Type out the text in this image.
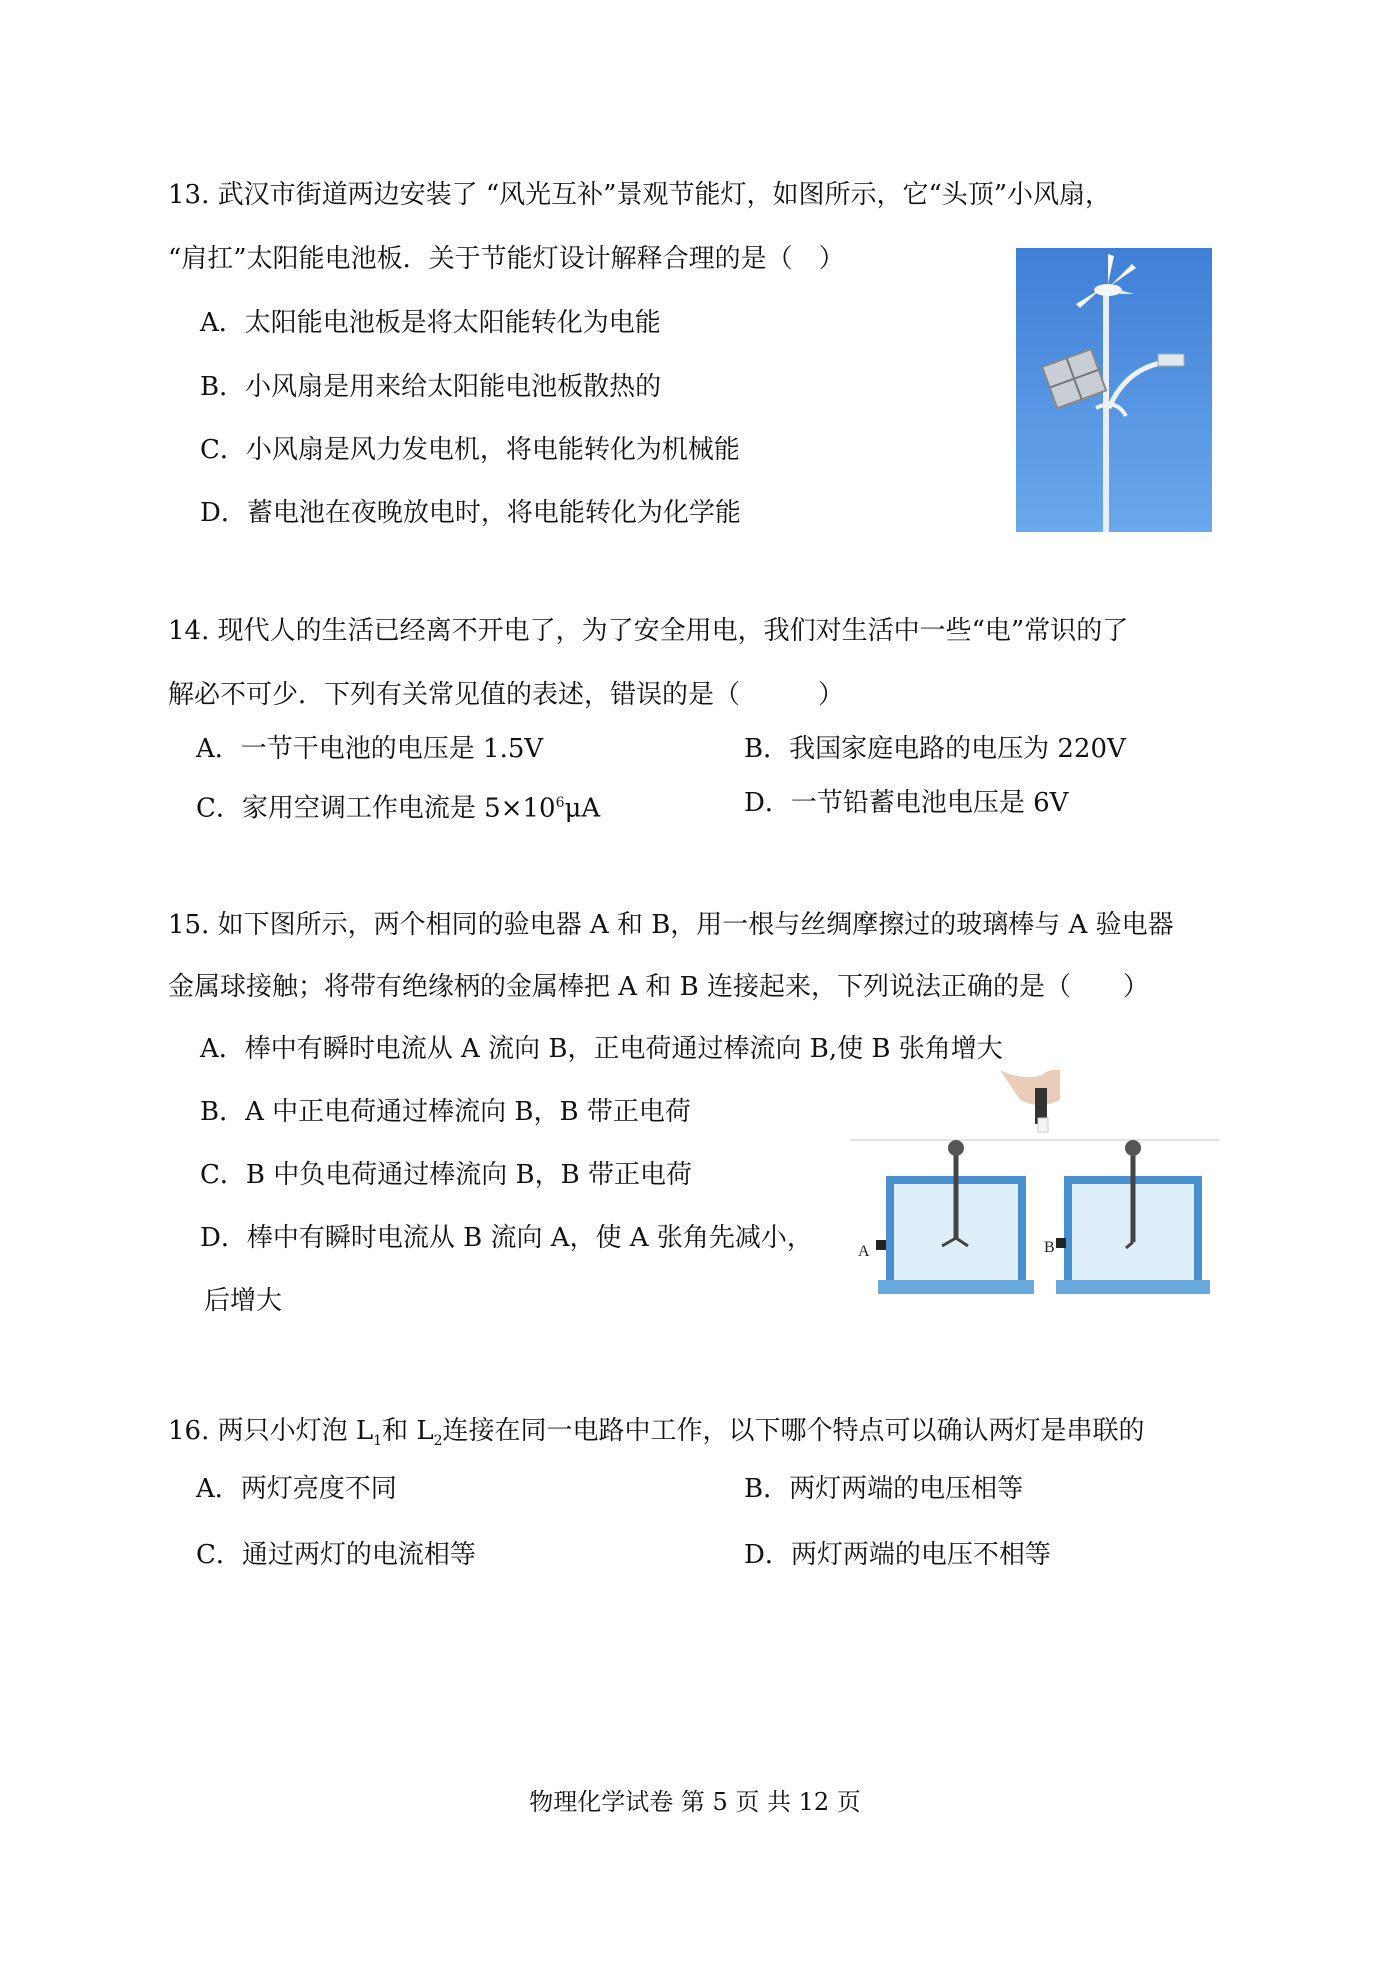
13. 武汉市街道两边安装了 “风光互补”景观节能灯，如图所示，它“头顶”小风扇，
“肩扛”太阳能电池板．关于节能灯设计解释合理的是（　）
A．太阳能电池板是将太阳能转化为电能
B．小风扇是用来给太阳能电池板散热的
C．小风扇是风力发电机，将电能转化为机械能
D．蓄电池在夜晚放电时，将电能转化为化学能
14. 现代人的生活已经离不开电了，为了安全用电，我们对生活中一些“电”常识的了
解必不可少．下列有关常见值的表述，错误的是（　　　）
A．一节干电池的电压是 1.5V	B．我国家庭电路的电压为 220V
C．家用空调工作电流是 $5\times 10^6\mu A$	D．一节铅蓄电池电压是 6V
15. 如下图所示，两个相同的验电器 A 和 B，用一根与丝绸摩擦过的玻璃棒与 A 验电器
金属球接触；将带有绝缘柄的金属棒把 A 和 B 连接起来，下列说法正确的是（　　）
A．棒中有瞬时电流从 A 流向 B，正电荷通过棒流向 B,使 B 张角增大
B．A 中正电荷通过棒流向 B，B 带正电荷
C．B 中负电荷通过棒流向 B，B 带正电荷
D．棒中有瞬时电流从 B 流向 A，使 A 张角先减小，
后增大
A	B
16. 两只小灯泡 $L_1$和 $L_2$连接在同一电路中工作，以下哪个特点可以确认两灯是串联的
A．两灯亮度不同	B．两灯两端的电压相等
C．通过两灯的电流相等	D．两灯两端的电压不相等
物理化学试卷 第 5 页 共 12 页
